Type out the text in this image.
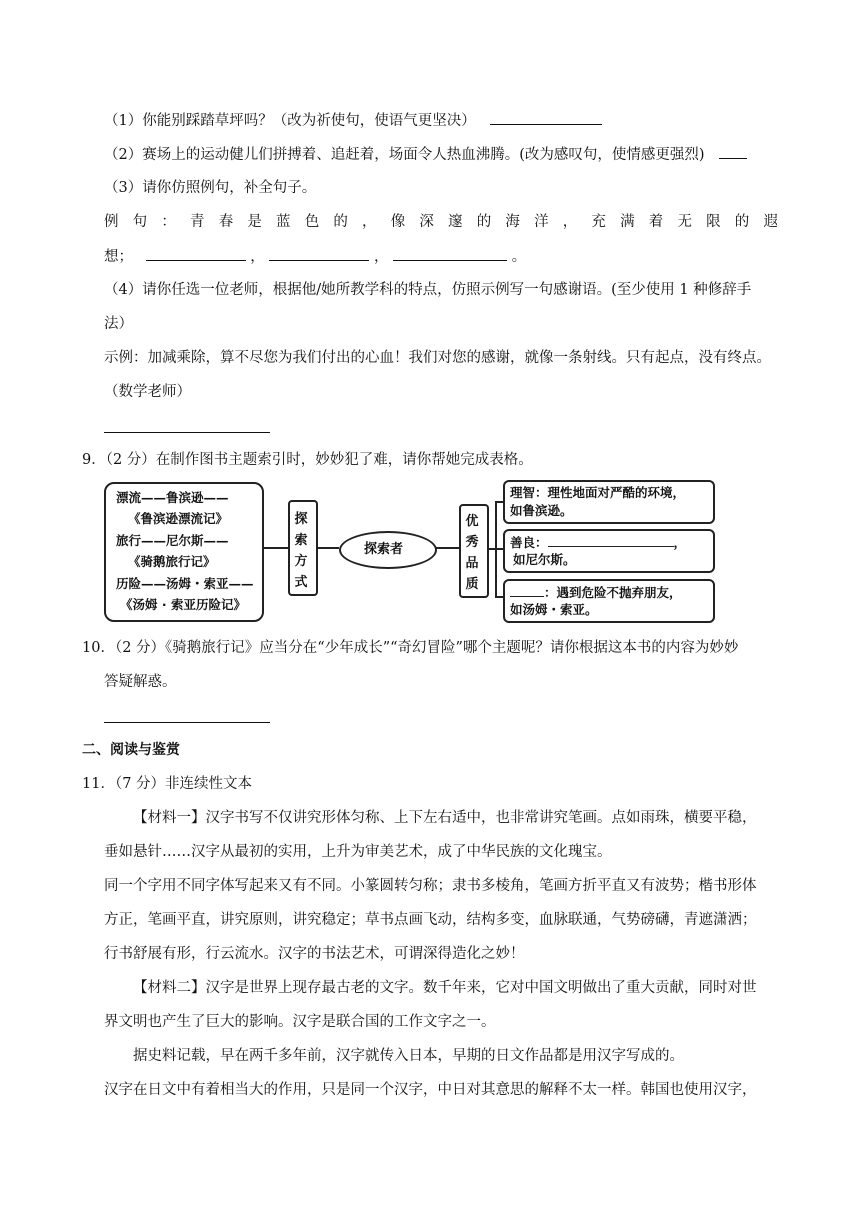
（1）你能别踩踏草坪吗？（改为祈使句，使语气更坚决）
（2）赛场上的运动健儿们拼搏着、追赶着，场面令人热血沸腾。(改为感叹句，使情感更强烈)
（3）请你仿照例句，补全句子。
例 句 ： 青 春 是 蓝 色 的 ， 像 深 邃 的 海 洋 ， 充 满 着 无 限 的 遐
想；	，	，	。
（4）请你任选一位老师，根据他/她所教学科的特点，仿照示例写一句感谢语。(至少使用 1 种修辞手
法）
示例：加减乘除，算不尽您为我们付出的心血！我们对您的感谢，就像一条射线。只有起点，没有终点。
（数学老师）
9．（2 分）在制作图书主题索引时，妙妙犯了难，请你帮她完成表格。
漂流——鲁滨逊——
《鲁滨逊漂流记》
旅行——尼尔斯——
《骑鹅旅行记》
历险——汤姆・索亚——
《汤姆 · 索亚历险记》
探
索
方
式
探索者
优
秀
品
质
理智：理性地面对严酷的环境，
如鲁滨逊。
善良：	，
如尼尔斯。
：遇到危险不抛弃朋友，
如汤姆・索亚。
10．（2 分）《骑鹅旅行记》应当分在“少年成长”“奇幻冒险”哪个主题呢？请你根据这本书的内容为妙妙
答疑解惑。
二、阅读与鉴赏
11．（7 分）非连续性文本
【材料一】汉字书写不仅讲究形体匀称、上下左右适中，也非常讲究笔画。点如雨珠，横要平稳，
垂如悬针……汉字从最初的实用，上升为审美艺术，成了中华民族的文化瑰宝。
同一个字用不同字体写起来又有不同。小篆圆转匀称；隶书多棱角，笔画方折平直又有波势；楷书形体
方正，笔画平直，讲究原则，讲究稳定；草书点画飞动，结构多变，血脉联通，气势磅礴，青遮潇洒；
行书舒展有形，行云流水。汉字的书法艺术，可谓深得造化之妙！
【材料二】汉字是世界上现存最古老的文字。数千年来，它对中国文明做出了重大贡献，同时对世
界文明也产生了巨大的影响。汉字是联合国的工作文字之一。
据史料记载，早在两千多年前，汉字就传入日本，早期的日文作品都是用汉字写成的。
汉字在日文中有着相当大的作用，只是同一个汉字，中日对其意思的解释不太一样。韩国也使用汉字，
